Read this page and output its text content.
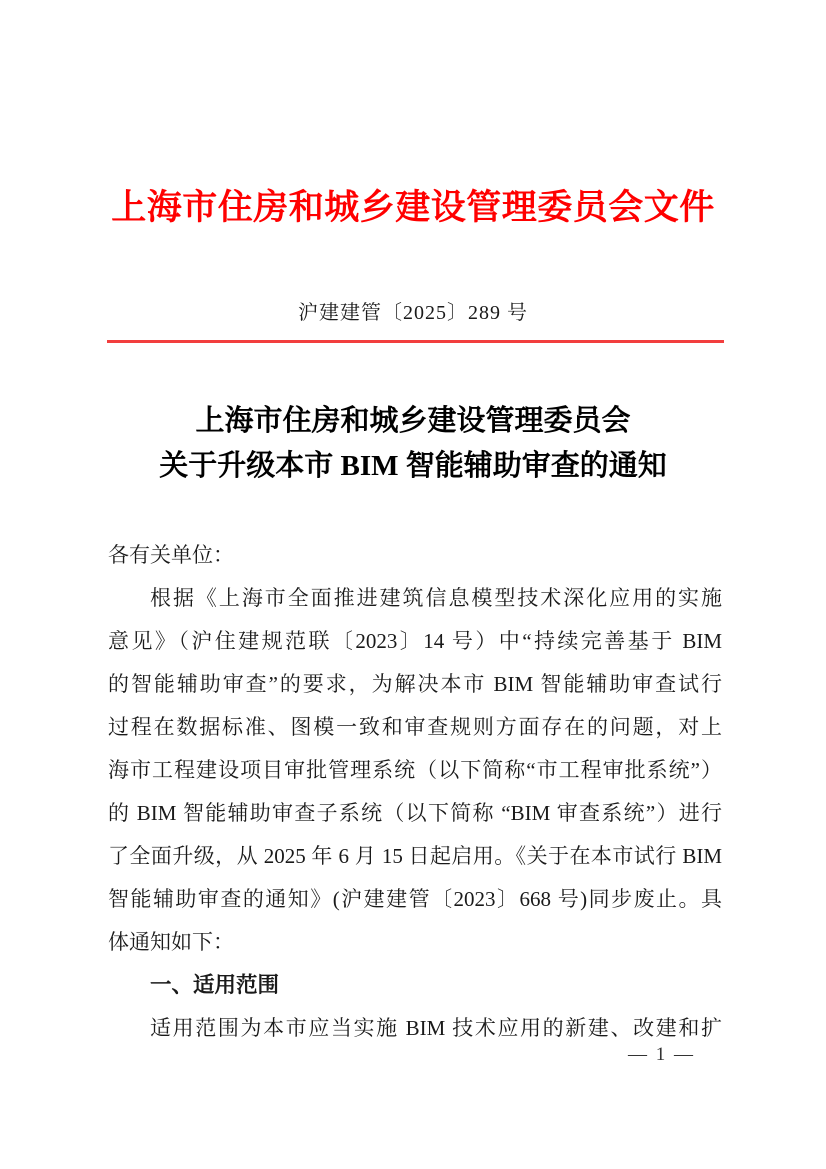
上海市住房和城乡建设管理委员会文件
沪建建管〔2025〕289 号
上海市住房和城乡建设管理委员会
关于升级本市 BIM 智能辅助审查的通知
各有关单位：
根据《上海市全面推进建筑信息模型技术深化应用的实施
意见》（沪住建规范联〔2023〕14 号）中“持续完善基于 BIM
的智能辅助审查”的要求，为解决本市 BIM 智能辅助审查试行
过程在数据标准、图模一致和审查规则方面存在的问题，对上
海市工程建设项目审批管理系统（以下简称“市工程审批系统”）
的 BIM 智能辅助审查子系统（以下简称 “BIM 审查系统”）进行
了全面升级，从 2025 年 6 月 15 日起启用。《关于在本市试行 BIM
智能辅助审查的通知》(沪建建管〔2023〕668 号)同步废止。具
体通知如下：
一、适用范围
适用范围为本市应当实施 BIM 技术应用的新建、改建和扩
— 1 —
